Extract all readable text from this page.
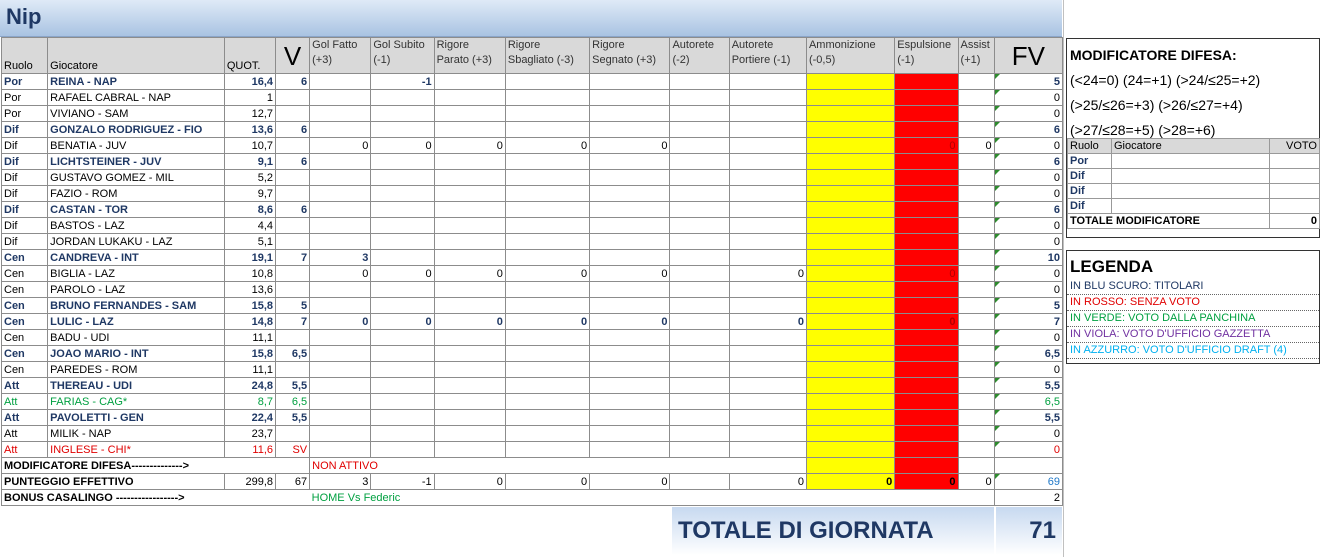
Nip
Ruolo	Giocatore	QUOT.	V	Gol Fatto (+3)	Gol Subito (-1)	Rigore Parato (+3)	Rigore Sbagliato (-3)	Rigore Segnato (+3)	Autorete (-2)	Autorete Portiere (-1)	Ammonizione (-0,5)	Espulsione (-1)	Assist (+1)	FV
Por	REINA - NAP	16,4	6		-1									5
Por	RAFAEL CABRAL - NAP	1												0
Por	VIVIANO - SAM	12,7												0
Dif	GONZALO RODRIGUEZ - FIO	13,6	6											6
Dif	BENATIA - JUV	10,7		0	0	0	0	0				0	0	0
Dif	LICHTSTEINER - JUV	9,1	6											6
Dif	GUSTAVO GOMEZ - MIL	5,2												0
Dif	FAZIO - ROM	9,7												0
Dif	CASTAN - TOR	8,6	6											6
Dif	BASTOS - LAZ	4,4												0
Dif	JORDAN LUKAKU - LAZ	5,1												0
Cen	CANDREVA - INT	19,1	7	3										10
Cen	BIGLIA - LAZ	10,8		0	0	0	0	0		0		0		0
Cen	PAROLO - LAZ	13,6												0
Cen	BRUNO FERNANDES - SAM	15,8	5											5
Cen	LULIC - LAZ	14,8	7	0	0	0	0	0		0		0		7
Cen	BADU - UDI	11,1												0
Cen	JOAO MARIO - INT	15,8	6,5											6,5
Cen	PAREDES - ROM	11,1												0
Att	THEREAU - UDI	24,8	5,5											5,5
Att	FARIAS - CAG*	8,7	6,5											6,5
Att	PAVOLETTI - GEN	22,4	5,5											5,5
Att	MILIK - NAP	23,7												0
Att	INGLESE - CHI*	11,6	SV											0
MODIFICATORE DIFESA-------------->				NON ATTIVO										
PUNTEGGIO EFFETTIVO		299,8	67	3	-1	0	0	0		0	0	0	0	69
BONUS CASALINGO ----------------->				HOME Vs Federic										2
TOTALE DI GIORNATA	71
MODIFICATORE DIFESA:
(<24=0) (24=+1) (>24/≤25=+2)
(>25/≤26=+3) (>26/≤27=+4)
(>27/≤28=+5) (>28=+6)
Ruolo	Giocatore	VOTO
Por		
Dif		
Dif		
Dif		
TOTALE MODIFICATORE		0
LEGENDA
IN BLU SCURO: TITOLARI
IN ROSSO: SENZA VOTO
IN VERDE: VOTO DALLA PANCHINA
IN VIOLA: VOTO D'UFFICIO GAZZETTA
IN AZZURRO: VOTO D'UFFICIO DRAFT (4)
